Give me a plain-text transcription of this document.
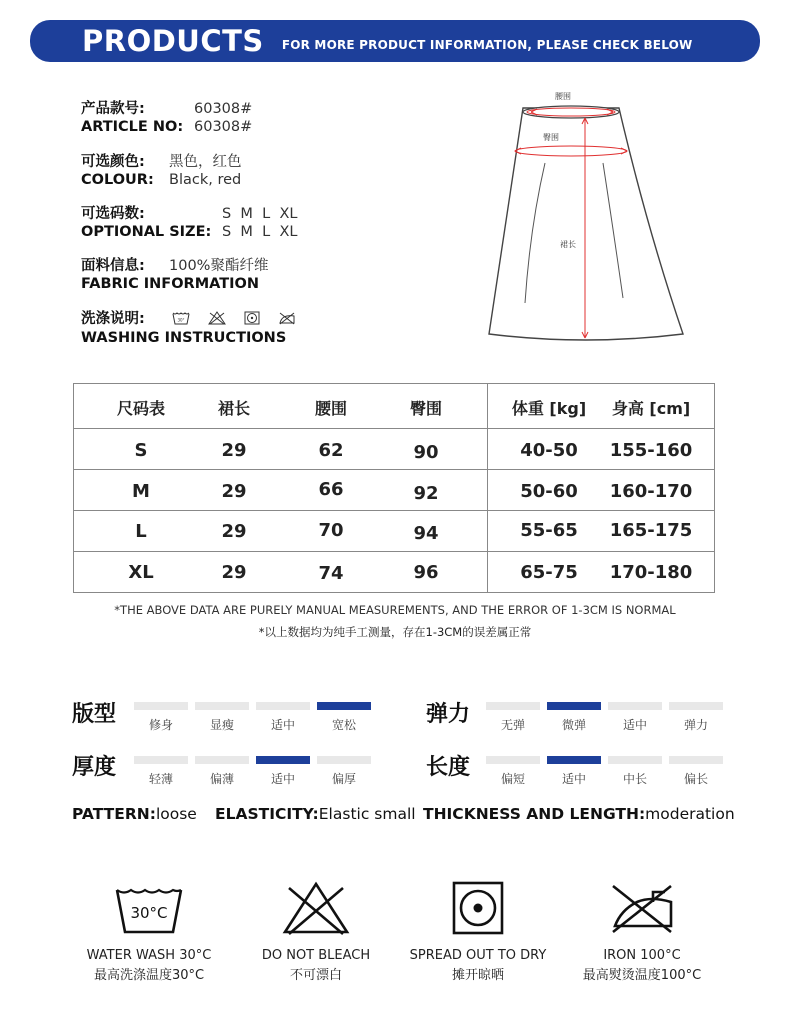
PRODUCTS FOR MORE PRODUCT INFORMATION, PLEASE CHECK BELOW
产品款号:	60308#
ARTICLE NO: 60308#
可选颜色: 黑色，红色
COLOUR: Black, red
可选码数:	S  M  L  XL
OPTIONAL SIZE: S  M  L  XL
面料信息: 100%聚酯纤维
FABRIC INFORMATION
洗涤说明:
WASHING INSTRUCTIONS
30°
腰围
臀围
裙长
尺码表	裙长	腰围	臀围	体重 [kg] 身高 [cm]
S	29	62	90	40-50 155-160
M	29	66	92	50-60 160-170
L	29	70	94	55-65 165-175
XL	29	74	96	65-75 170-180
*THE ABOVE DATA ARE PURELY MANUAL MEASUREMENTS, AND THE ERROR OF 1-3CM IS NORMAL
*以上数据均为纯手工测量，存在1-3CM的误差属正常
版型	修身	显瘦	适中	宽松	弹力	无弹	微弹	适中	弹力
厚度	轻薄	偏薄	适中	偏厚	长度	偏短	适中	中长	偏长
PATTERN:loose ELASTICITY:Elastic small THICKNESS AND LENGTH:moderation
30°C
WATER WASH 30°C
最高洗涤温度30°C
DO NOT BLEACH
不可漂白
SPREAD OUT TO DRY
摊开晾晒
IRON 100°C
最高熨烫温度100°C
